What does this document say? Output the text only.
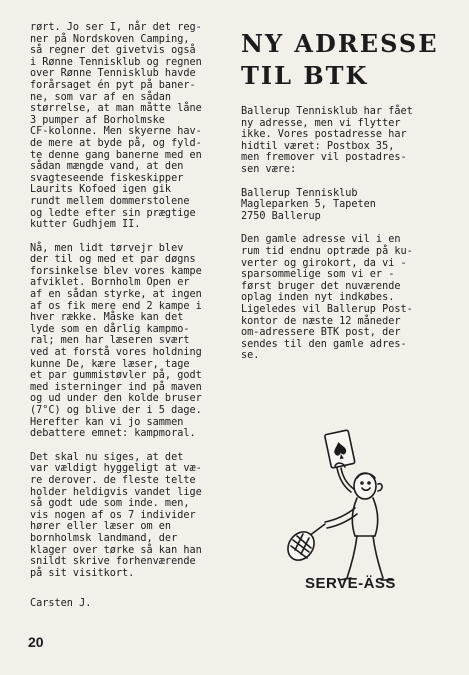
rørt. Jo ser I, når det reg-
ner på Nordskoven Camping,
så regner det givetvis også
i Rønne Tennisklub og regnen
over Rønne Tennisklub havde
forårsaget én pyt på baner-
ne, som var af en sådan
størrelse, at man måtte låne
3 pumper af Borholmske
CF-kolonne. Men skyerne hav-
de mere at byde på, og fyld-
te denne gang banerne med en
sådan mængde vand, at den
svagteseende fiskeskipper
Laurits Kofoed igen gik
rundt mellem dommerstolene
og ledte efter sin prægtige
kutter Gudhjem II.

Nå, men lidt tørvejr blev
der til og med et par døgns
forsinkelse blev vores kampe
afviklet. Bornholm Open er
af en sådan styrke, at ingen
af os fik mere end 2 kampe i
hver række. Måske kan det
lyde som en dårlig kampmo-
ral; men har læseren svært
ved at forstå vores holdning
kunne De, kære læser, tage
et par gummistøvler på, godt
med isterninger ind på maven
og ud under den kolde bruser
(7°C) og blive der i 5 dage.
Herefter kan vi jo sammen
debattere emnet: kampmoral.

Det skal nu siges, at det
var vældigt hyggeligt at væ-
re derover. de fleste telte
holder heldigvis vandet lige
så godt ude som inde. men,
vis nogen af os 7 individer
hører eller læser om en
bornholmsk landmand, der
klager over tørke så kan han
snildt skrive forhenværende
på sit visitkort.

Carsten J.
NY ADRESSE
TIL BTK

Ballerup Tennisklub har fået
ny adresse, men vi flytter
ikke. Vores postadresse har
hidtil været: Postbox 35,
men fremover vil postadres-
sen være:

Ballerup Tennisklub
Magleparken 5, Tapeten
2750 Ballerup

Den gamle adresse vil i en
rum tid endnu optræde på ku-
verter og girokort, da vi -
sparsommelige som vi er -
først bruger det nuværende
oplag inden nyt indkøbes.
Ligeledes vil Ballerup Post-
kontor de næste 12 måneder
om-adressere BTK post, der
sendes til den gamle adres-
se.

SERVE-ÄSS
20
